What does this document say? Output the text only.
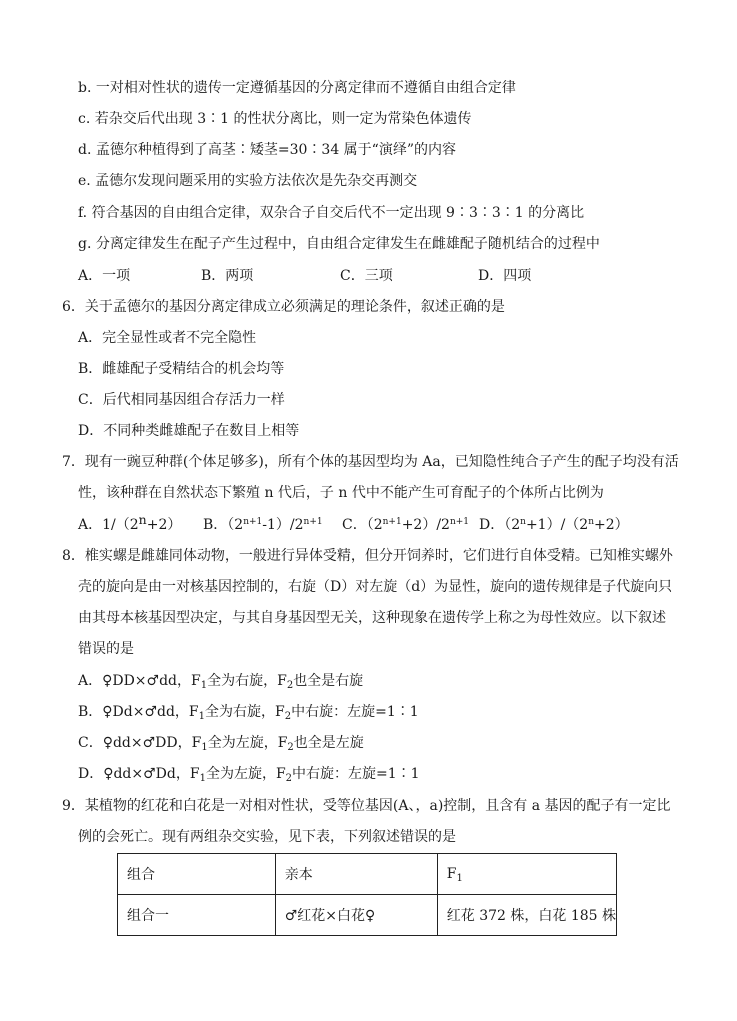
b. 一对相对性状的遗传一定遵循基因的分离定律而不遵循自由组合定律
c. 若杂交后代出现 3∶1 的性状分离比，则一定为常染色体遗传
d. 孟德尔种植得到了高茎∶矮茎=30∶34 属于“演绎”的内容
e. 孟德尔发现问题采用的实验方法依次是先杂交再测交
f. 符合基因的自由组合定律，双杂合子自交后代不一定出现 9∶3∶3∶1 的分离比
g. 分离定律发生在配子产生过程中，自由组合定律发生在雌雄配子随机结合的过程中
A．一项	B．两项	C．三项	D．四项
6．关于孟德尔的基因分离定律成立必须满足的理论条件，叙述正确的是
A．完全显性或者不完全隐性
B．雌雄配子受精结合的机会均等
C．后代相同基因组合存活力一样
D．不同种类雌雄配子在数目上相等
7．现有一豌豆种群(个体足够多)，所有个体的基因型均为 Aa，已知隐性纯合子产生的配子均没有活
性，该种群在自然状态下繁殖 n 代后，子 n 代中不能产生可育配子的个体所占比例为
A．$1/(2^n+2)$ B．$(2^{n+1}-1)/2^{n+1}$ C．$(2^{n+1}+2)/2^{n+1}$ D．$(2^n+1)/(2^n+2)$
8．椎实螺是雌雄同体动物，一般进行异体受精，但分开饲养时，它们进行自体受精。已知椎实螺外
壳的旋向是由一对核基因控制的，右旋（D）对左旋（d）为显性，旋向的遗传规律是子代旋向只
由其母本核基因型决定，与其自身基因型无关，这种现象在遗传学上称之为母性效应。以下叙述
错误的是
A．♀DD×♂dd，$F_1$全为右旋，$F_2$也全是右旋
B．♀Dd×♂dd，$F_1$全为右旋，$F_2$中右旋：左旋=1∶1
C．♀dd×♂DD，$F_1$全为左旋，$F_2$也全是左旋
D．♀dd×♂Dd，$F_1$全为左旋，$F_2$中右旋：左旋=1∶1
9．某植物的红花和白花是一对相对性状，受等位基因(A、，a)控制，且含有 a 基因的配子有一定比
例的会死亡。现有两组杂交实验，见下表，下列叙述错误的是
组合	亲本	$F_1$
组合一	♂红花×白花♀	红花 372 株，白花 185 株
